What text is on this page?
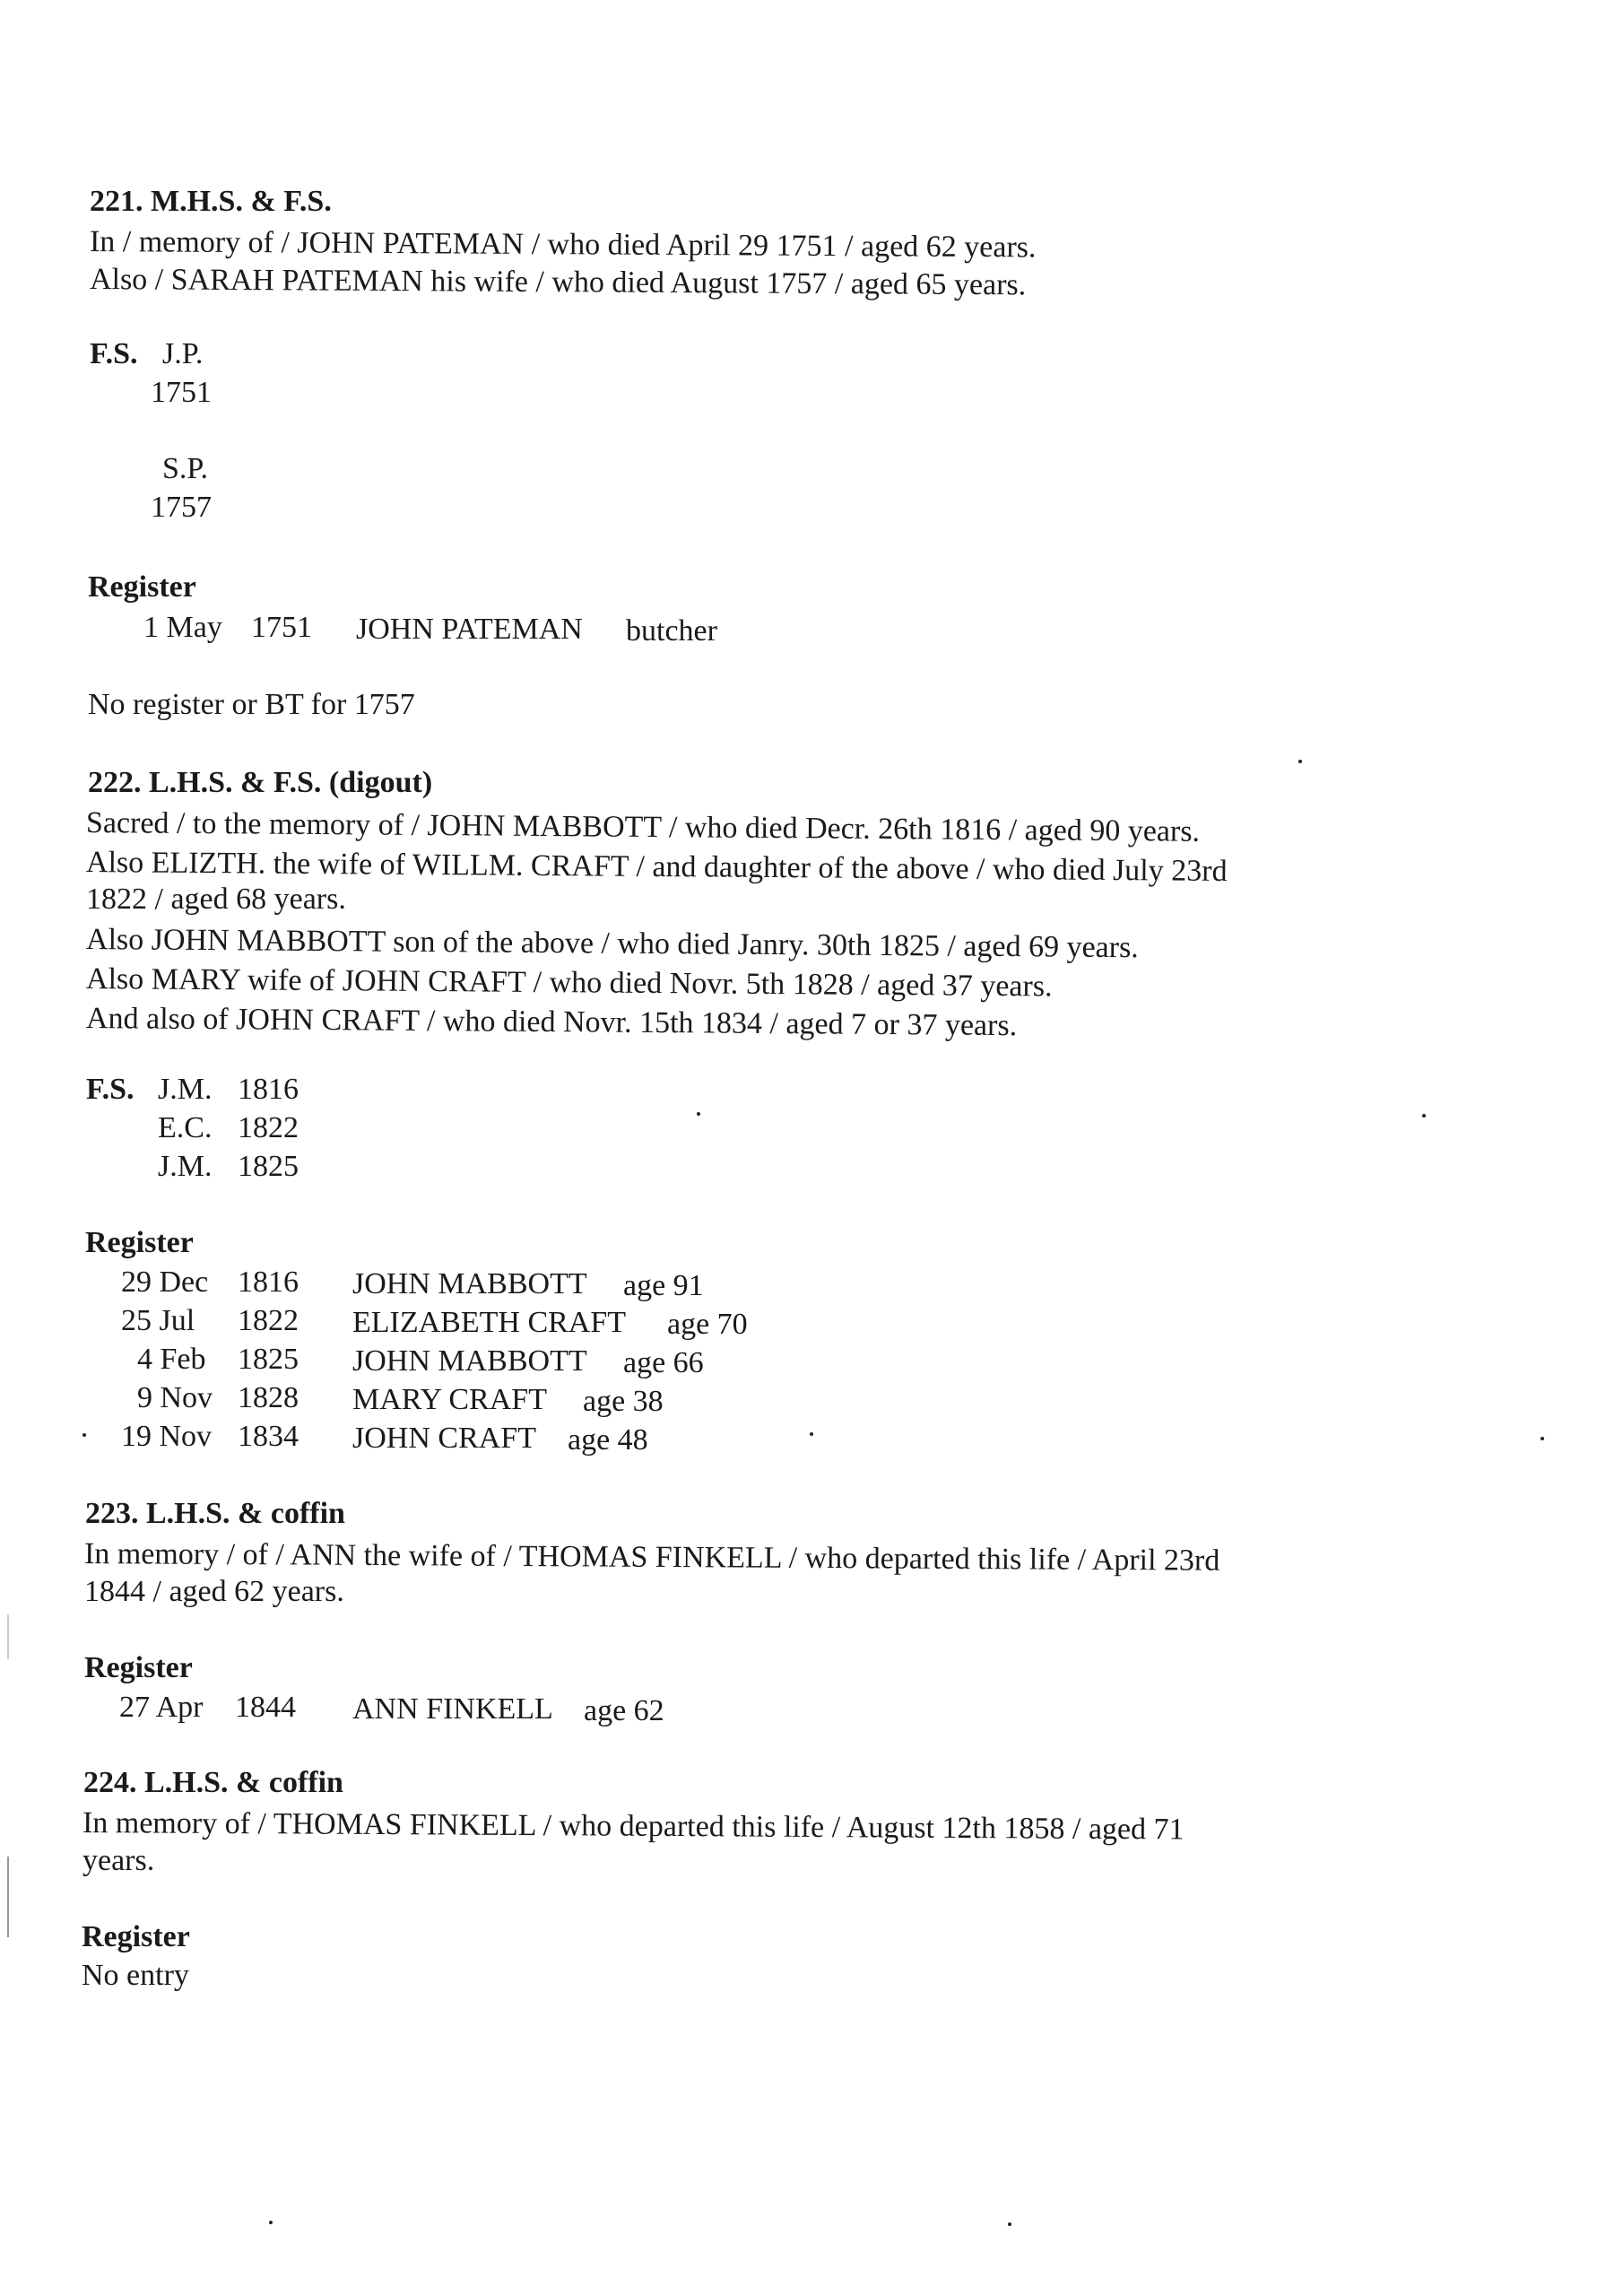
221. M.H.S. & F.S.
In / memory of / JOHN PATEMAN / who died April 29 1751 / aged 62 years.
Also / SARAH PATEMAN his wife / who died August 1757 / aged 65 years.
F.S. J.P.
1751
S.P.
1757
Register
1 May 1751 JOHN PATEMAN butcher
No register or BT for 1757
222. L.H.S. & F.S. (digout)
Sacred / to the memory of / JOHN MABBOTT / who died Decr. 26th 1816 / aged 90 years.
Also ELIZTH. the wife of WILLM. CRAFT / and daughter of the above / who died July 23rd
1822 / aged 68 years.
Also JOHN MABBOTT son of the above / who died Janry. 30th 1825 / aged 69 years.
Also MARY wife of JOHN CRAFT / who died Novr. 5th 1828 / aged 37 years.
And also of JOHN CRAFT / who died Novr. 15th 1834 / aged 7 or 37 years.
F.S. J.M. 1816
E.C. 1822
J.M. 1825
Register
29 Dec 1816 JOHN MABBOTT age 91
25 Jul 1822 ELIZABETH CRAFT age 70
4 Feb 1825 JOHN MABBOTT age 66
9 Nov 1828 MARY CRAFT age 38
19 Nov 1834 JOHN CRAFT age 48
223. L.H.S. & coffin
In memory / of / ANN the wife of / THOMAS FINKELL / who departed this life / April 23rd
1844 / aged 62 years.
Register
27 Apr 1844 ANN FINKELL age 62
224. L.H.S. & coffin
In memory of / THOMAS FINKELL / who departed this life / August 12th 1858 / aged 71
years.
Register
No entry
